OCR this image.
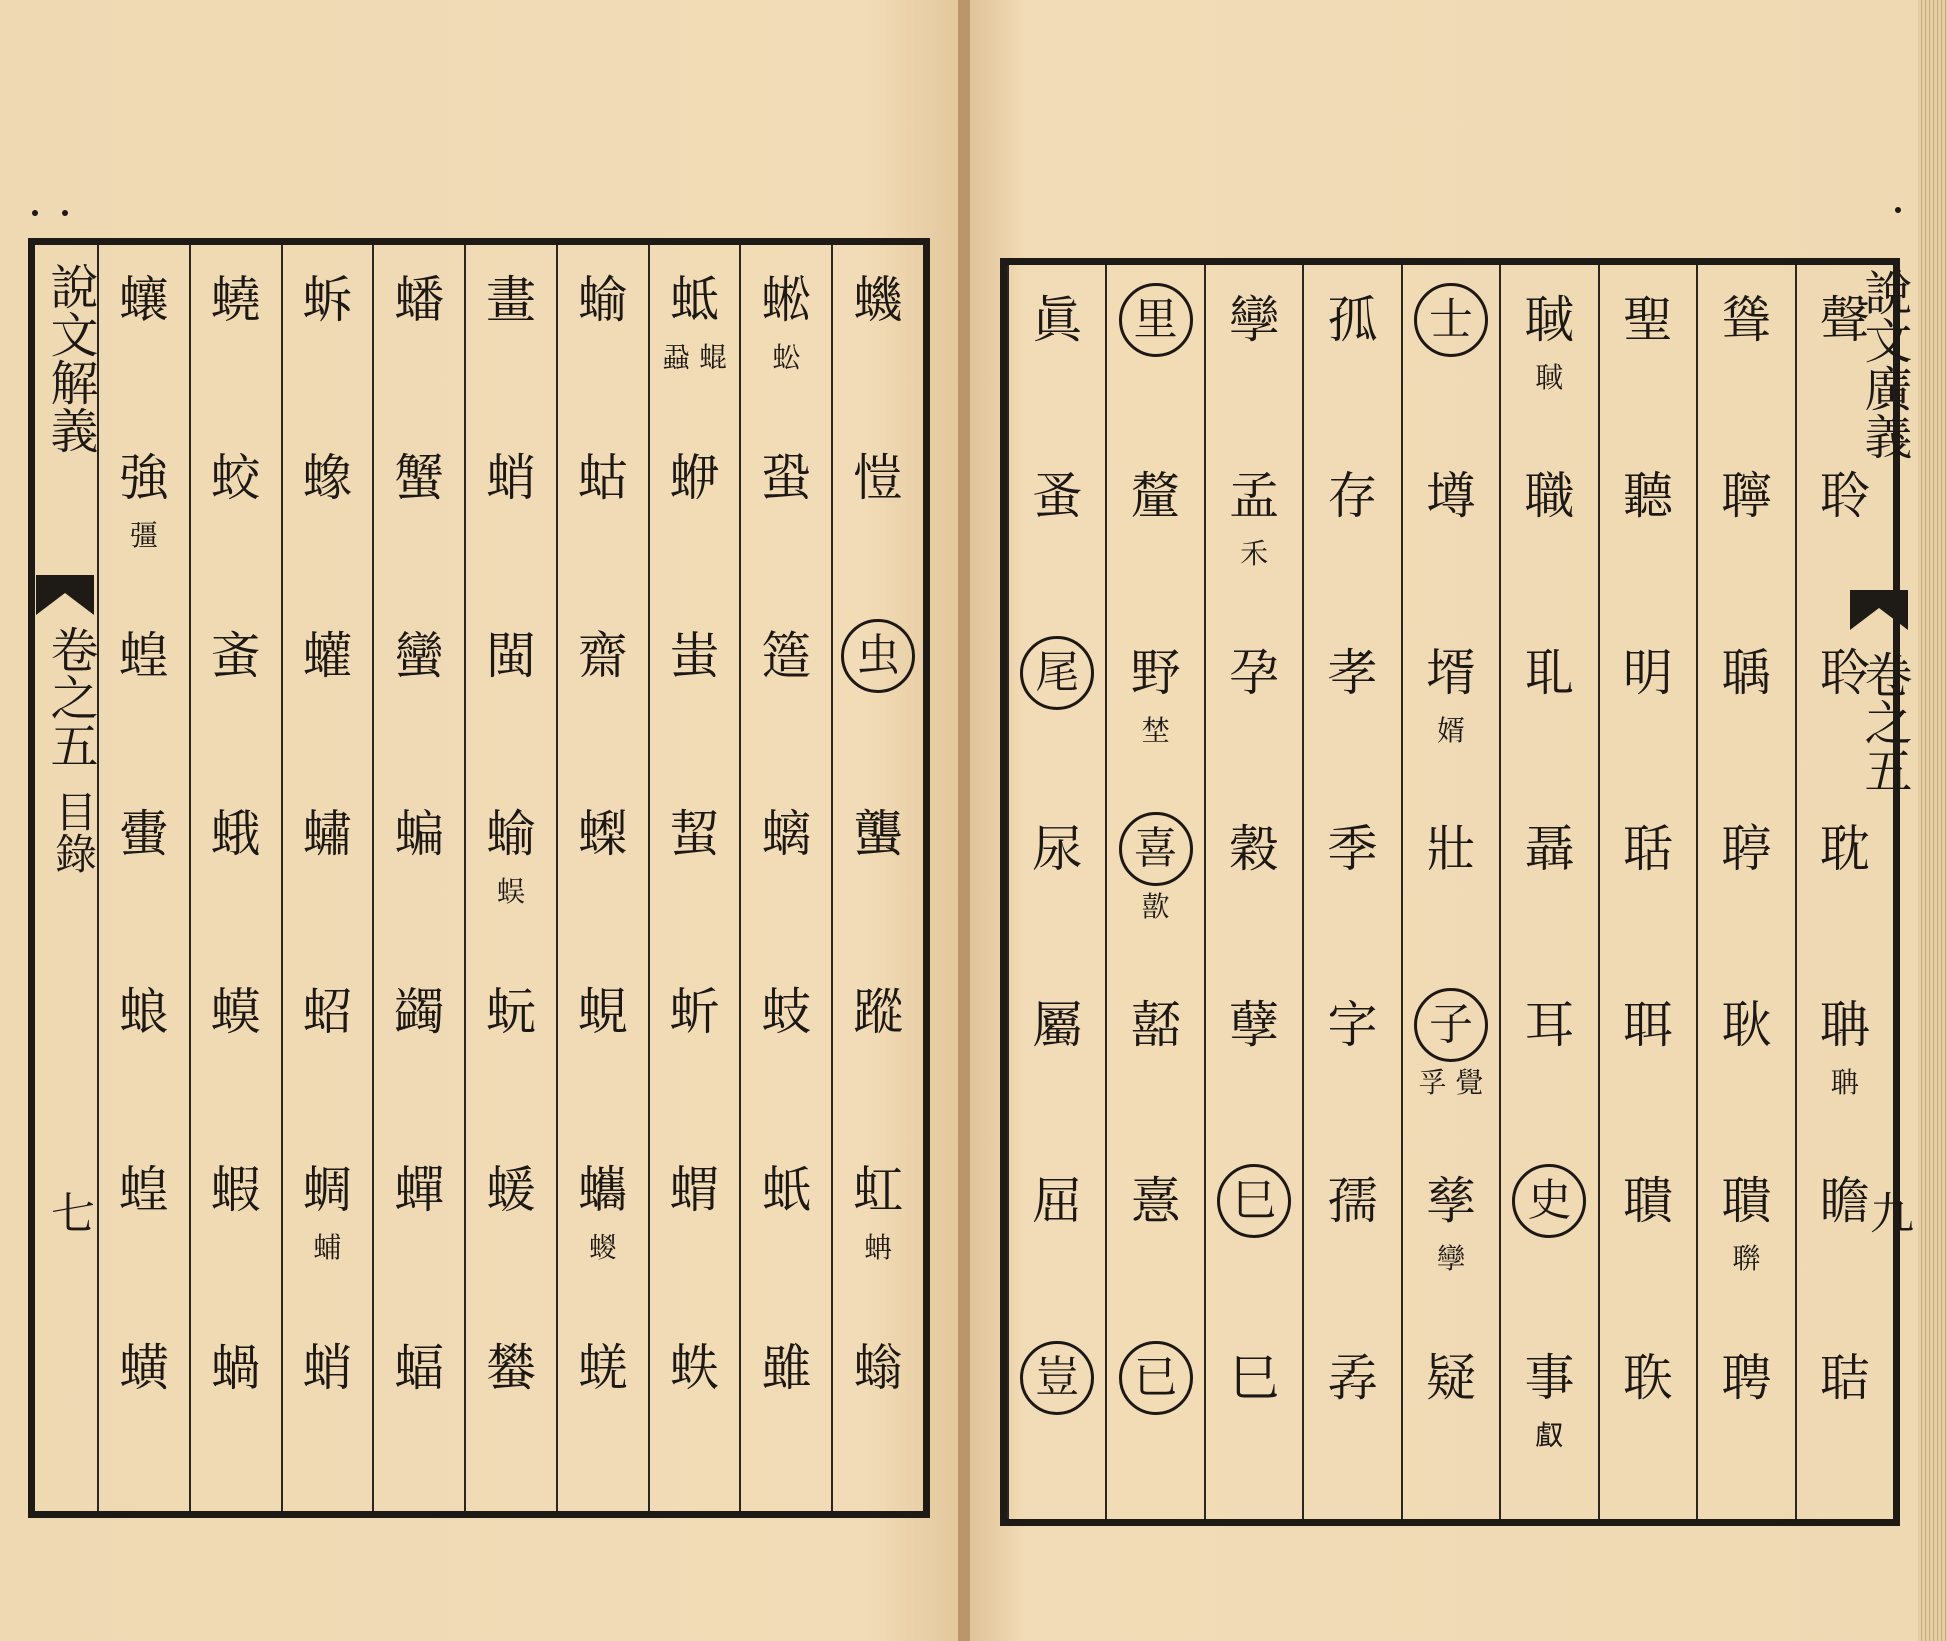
蟣
愷
虫
蠪
蹤
虹
螉
蚺
蜙
蛩
簉
螭
蚑
蚔
雖
蚣
蚳
蛜
蚩
蛪
蚚
蝟
蛈
蝨 蜫
蝓
蛄
齋
蟍
蜆
蠵
蜣
蝬
畫
蛸
閩
蝓
蚖
蝯
蠜
蜈
蟠
蟹
蠻
蝙
蠲
蟬
蝠
蚸
蟓
蠸
蟰
蛁
蜩
蛸
蜅
蟯
蛟
蚉
蛾
蟆
蝦
蝸
蠰
強
蝗
蟗
蜋
蝗
蟥
彊
說文解義
卷之五
目錄
七
聲
聆
聆
耽
聃
瞻
聐
聃
聳
聹
聥
聤
耿
聵
聘
聨
聖
聽
明
聒
聑
聵
聅
聝
職
耴
聶
耳
史
事
聝
𠭯
士
壿
壻
壯
子
孳
疑
婿
孚 覺
孿
孤
存
孝
季
字
孺
孨
孿
孟
孕
穀
孽
巳
巳
禾
里
釐
野
喜
嚭
憙
已
埜
歖
眞
蚤
尾
尿
屬
屈
豈
說文廣義
卷之五
九
